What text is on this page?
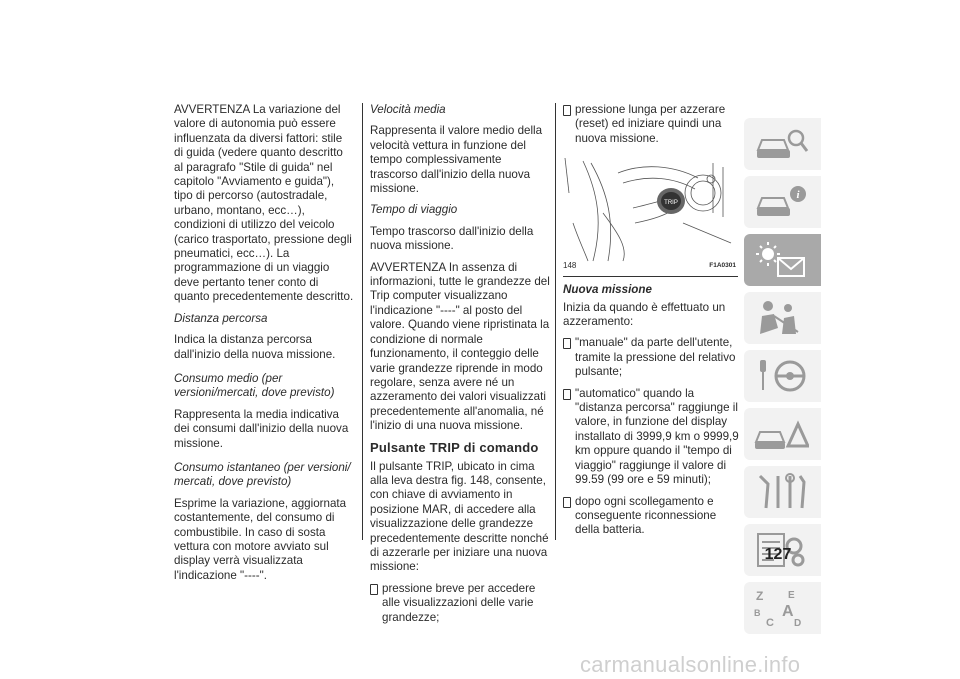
AVVERTENZA La variazione del valore di autonomia può essere influenzata da diversi fattori: stile di guida (vedere quanto descritto al paragrafo "Stile di guida" nel capitolo "Avviamento e guida"), tipo di percorso (autostradale, urbano, montano, ecc…), condizioni di utilizzo del veicolo (carico trasportato, pressione degli pneumatici, ecc…). La programmazione di un viaggio deve pertanto tener conto di quanto precedentemente descritto.

Distanza percorsa

Indica la distanza percorsa dall'inizio della nuova missione.

Consumo medio (per versioni/mercati, dove previsto)

Rappresenta la media indicativa dei consumi dall'inizio della nuova missione.

Consumo istantaneo (per versioni/ mercati, dove previsto)

Esprime la variazione, aggiornata costantemente, del consumo di combustibile. In caso di sosta vettura con motore avviato sul display verrà visualizzata l'indicazione "----".

Velocità media

Rappresenta il valore medio della velocità vettura in funzione del tempo complessivamente trascorso dall'inizio della nuova missione.

Tempo di viaggio

Tempo trascorso dall'inizio della nuova missione.

AVVERTENZA In assenza di informazioni, tutte le grandezze del Trip computer visualizzano l'indicazione "----" al posto del valore. Quando viene ripristinata la condizione di normale funzionamento, il conteggio delle varie grandezze riprende in modo regolare, senza avere né un azzeramento dei valori visualizzati precedentemente all'anomalia, né l'inizio di una nuova missione.

Pulsante TRIP di comando

Il pulsante TRIP, ubicato in cima alla leva destra fig. 148, consente, con chiave di avviamento in posizione MAR, di accedere alla visualizzazione delle grandezze precedentemente descritte nonché di azzerarle per iniziare una nuova missione:

pressione breve per accedere alle visualizzazioni delle varie grandezze;

pressione lunga per azzerare (reset) ed iniziare quindi una nuova missione.

TRIP
148	F1A0301

Nuova missione

Inizia da quando è effettuato un azzeramento:

"manuale" da parte dell'utente, tramite la pressione del relativo pulsante;

"automatico" quando la "distanza percorsa" raggiunge il valore, in funzione del display installato di 3999,9 km o 9999,9 km oppure quando il "tempo di viaggio" raggiunge il valore di 99.59 (99 ore e 59 minuti);

dopo ogni scollegamento e conseguente riconnessione della batteria.

i
Z E
B A
C D
127
carmanualsonline.info
